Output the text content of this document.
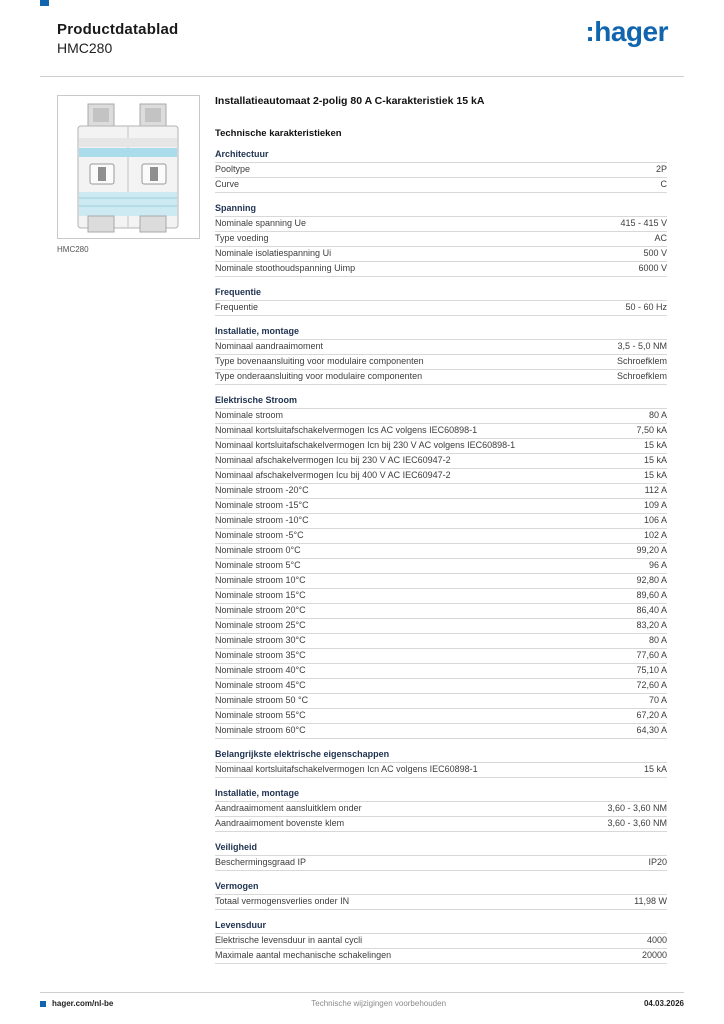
Productdatablad
HMC280
:hager
HMC280
Installatieautomaat 2-polig 80 A C-karakteristiek 15 kA
Technische karakteristieken
Architectuur
Pooltype	2P
Curve	C
Spanning
Nominale spanning Ue	415 - 415 V
Type voeding	AC
Nominale isolatiespanning Ui	500 V
Nominale stoothoudspanning Uimp	6000 V
Frequentie
Frequentie	50 - 60 Hz
Installatie, montage
Nominaal aandraaimoment	3,5 - 5,0 NM
Type bovenaansluiting voor modulaire componenten	Schroefklem
Type onderaansluiting voor modulaire componenten	Schroefklem
Elektrische Stroom
Nominale stroom	80 A
Nominaal kortsluitafschakelvermogen Ics AC volgens IEC60898-1	7,50 kA
Nominaal kortsluitafschakelvermogen Icn bij 230 V AC volgens IEC60898-1	15 kA
Nominaal afschakelvermogen Icu bij 230 V AC IEC60947-2	15 kA
Nominaal afschakelvermogen Icu bij 400 V AC IEC60947-2	15 kA
Nominale stroom -20°C	112 A
Nominale stroom -15°C	109 A
Nominale stroom -10°C	106 A
Nominale stroom -5°C	102 A
Nominale stroom 0°C	99,20 A
Nominale stroom 5°C	96 A
Nominale stroom 10°C	92,80 A
Nominale stroom 15°C	89,60 A
Nominale stroom 20°C	86,40 A
Nominale stroom 25°C	83,20 A
Nominale stroom 30°C	80 A
Nominale stroom 35°C	77,60 A
Nominale stroom 40°C	75,10 A
Nominale stroom 45°C	72,60 A
Nominale stroom 50 °C	70 A
Nominale stroom 55°C	67,20 A
Nominale stroom 60°C	64,30 A
Belangrijkste elektrische eigenschappen
Nominaal kortsluitafschakelvermogen Icn AC volgens IEC60898-1	15 kA
Installatie, montage
Aandraaimoment aansluitklem onder	3,60 - 3,60 NM
Aandraaimoment bovenste klem	3,60 - 3,60 NM
Veiligheid
Beschermingsgraad IP	IP20
Vermogen
Totaal vermogensverlies onder IN	11,98 W
Levensduur
Elektrische levensduur in aantal cycli	4000
Maximale aantal mechanische schakelingen	20000
hager.com/nl-be	Technische wijzigingen voorbehouden	04.03.2026
